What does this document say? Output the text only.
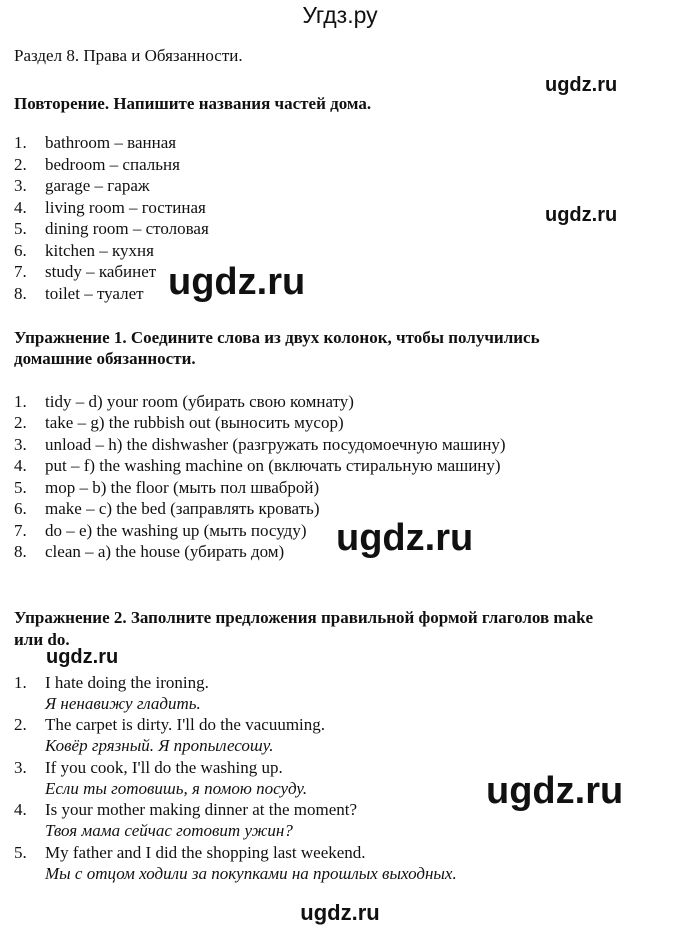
Угдз.ру
Раздел 8. Права и Обязанности.
ugdz.ru
Повторение. Напишите названия частей дома.
1. bathroom – ванная
2. bedroom – спальня
3. garage – гараж
4. living room – гостиная
5. dining room – столовая
6. kitchen – кухня
7. study – кабинет
8. toilet – туалет
ugdz.ru
ugdz.ru
Упражнение 1. Соедините слова из двух колонок, чтобы получились
домашние обязанности.
1. tidy – d) your room (убирать свою комнату)
2. take – g) the rubbish out (выносить мусор)
3. unload – h) the dishwasher (разгружать посудомоечную машину)
4. put – f) the washing machine on (включать стиральную машину)
5. mop – b) the floor (мыть пол шваброй)
6. make – c) the bed (заправлять кровать)
7. do – e) the washing up (мыть посуду)
8. clean – a) the house (убирать дом) ugdz.ru
Упражнение 2. Заполните предложения правильной формой глаголов make
или do.
ugdz.ru
1. I hate doing the ironing.
Я ненавижу гладить.
2. The carpet is dirty. I'll do the vacuuming.
Ковёр грязный. Я пропылесошу.
3. If you cook, I'll do the washing up.
Если ты готовишь, я помою посуду.
4. Is your mother making dinner at the moment?
Твоя мама сейчас готовит ужин?
5. My father and I did the shopping last weekend.
Мы с отцом ходили за покупками на прошлых выходных.
ugdz.ru
ugdz.ru
